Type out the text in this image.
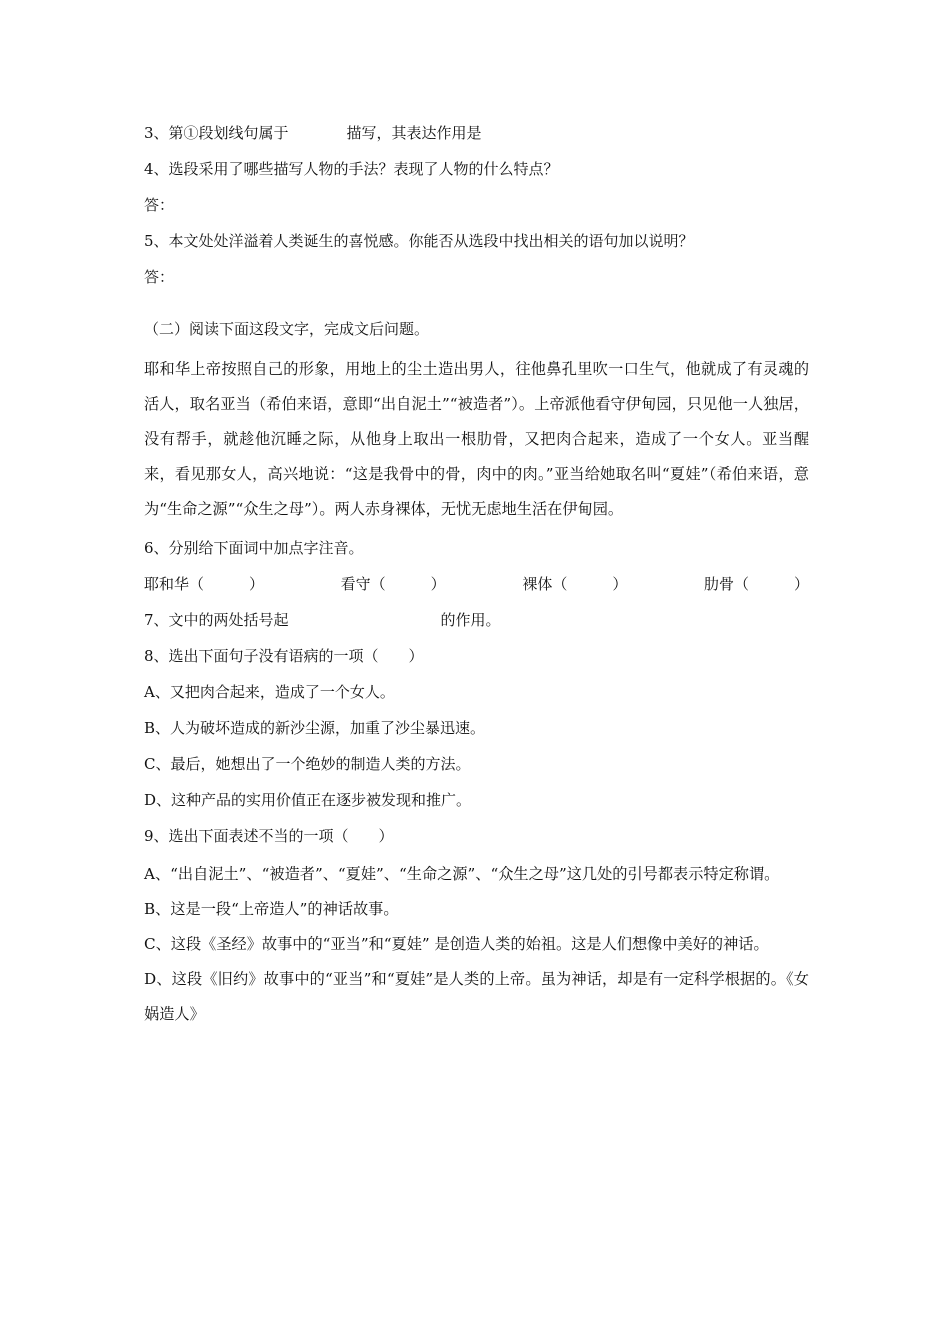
3、第①段划线句属于	描写，其表达作用是
4、选段采用了哪些描写人物的手法？表现了人物的什么特点？
答：
5、本文处处洋溢着人类诞生的喜悦感。你能否从选段中找出相关的语句加以说明？
答：
（二）阅读下面这段文字，完成文后问题。
耶和华上帝按照自己的形象，用地上的尘土造出男人，往他鼻孔里吹一口生气，他就成了有灵魂的活人，取名亚当（希伯来语，意即“出自泥土”“被造者”）。上帝派他看守伊甸园，只见他一人独居，没有帮手，就趁他沉睡之际，从他身上取出一根肋骨，又把肉合起来，造成了一个女人。亚当醒来，看见那女人，高兴地说：“这是我骨中的骨，肉中的肉。”亚当给她取名叫“夏娃”（希伯来语，意为“生命之源”“众生之母”）。两人赤身裸体，无忧无虑地生活在伊甸园。
6、分别给下面词中加点字注音。
耶和华（　　　）	看守（　　　）	裸体（　　　）	肋骨（　　　）
7、文中的两处括号起	的作用。
8、选出下面句子没有语病的一项（　　）
A、又把肉合起来，造成了一个女人。
B、人为破坏造成的新沙尘源，加重了沙尘暴迅速。
C、最后，她想出了一个绝妙的制造人类的方法。
D、这种产品的实用价值正在逐步被发现和推广。
9、选出下面表述不当的一项（　　）
A、“出自泥土”、“被造者”、“夏娃”、“生命之源”、“众生之母”这几处的引号都表示特定称谓。
B、这是一段“上帝造人”的神话故事。
C、这段《圣经》故事中的“亚当”和“夏娃” 是创造人类的始祖。这是人们想像中美好的神话。
D、这段《旧约》故事中的“亚当”和“夏娃”是人类的上帝。虽为神话，却是有一定科学根据的。《女娲造人》
